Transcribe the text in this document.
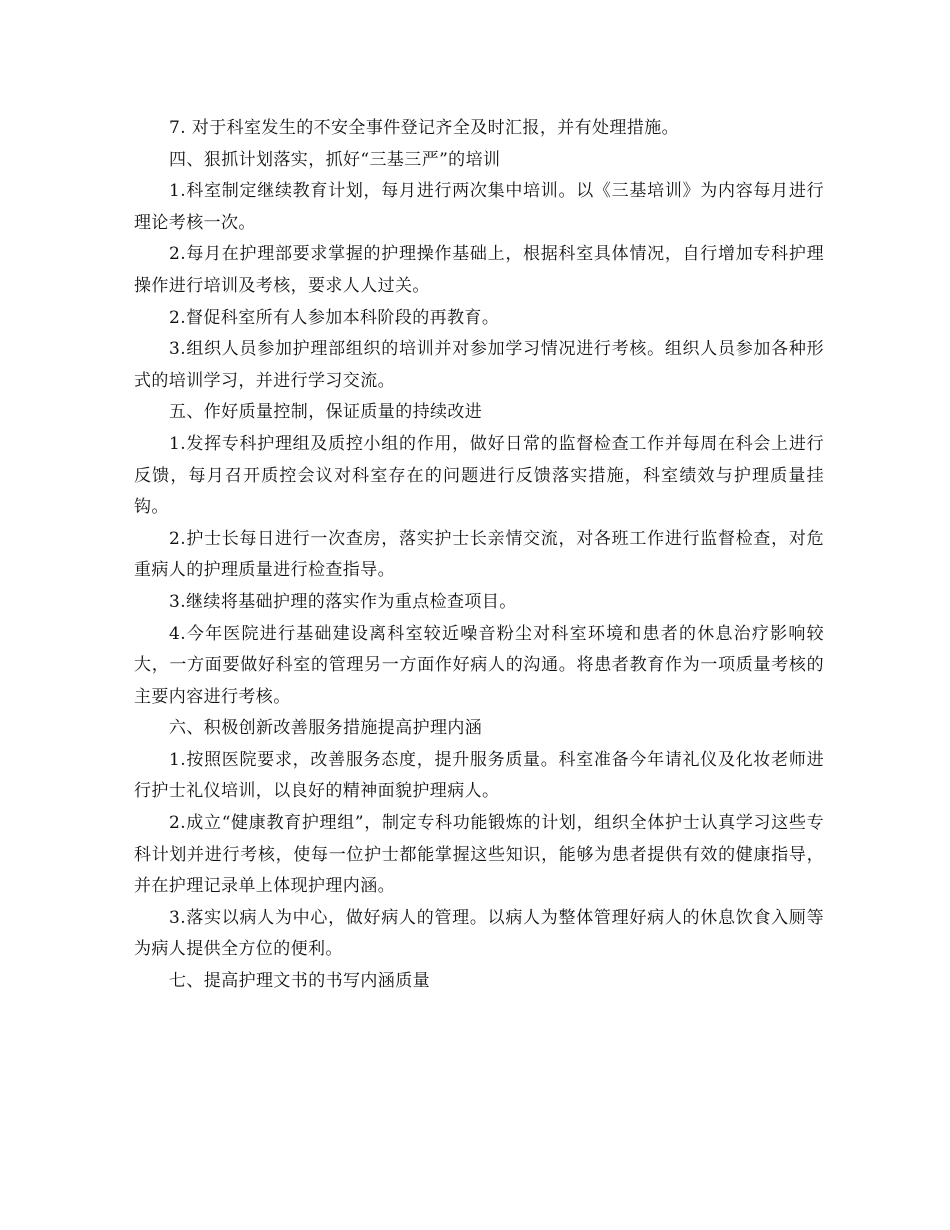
7. 对于科室发生的不安全事件登记齐全及时汇报，并有处理措施。

四、狠抓计划落实，抓好“三基三严”的培训

1.科室制定继续教育计划，每月进行两次集中培训。以《三基培训》为内容每月进行理论考核一次。

2.每月在护理部要求掌握的护理操作基础上，根据科室具体情况，自行增加专科护理操作进行培训及考核，要求人人过关。

2.督促科室所有人参加本科阶段的再教育。

3.组织人员参加护理部组织的培训并对参加学习情况进行考核。组织人员参加各种形式的培训学习，并进行学习交流。

五、作好质量控制，保证质量的持续改进

1.发挥专科护理组及质控小组的作用，做好日常的监督检查工作并每周在科会上进行反馈，每月召开质控会议对科室存在的问题进行反馈落实措施，科室绩效与护理质量挂钩。

2.护士长每日进行一次查房，落实护士长亲情交流，对各班工作进行监督检查，对危重病人的护理质量进行检查指导。

3.继续将基础护理的落实作为重点检查项目。

4.今年医院进行基础建设离科室较近噪音粉尘对科室环境和患者的休息治疗影响较大，一方面要做好科室的管理另一方面作好病人的沟通。将患者教育作为一项质量考核的主要内容进行考核。

六、积极创新改善服务措施提高护理内涵

1.按照医院要求，改善服务态度，提升服务质量。科室准备今年请礼仪及化妆老师进行护士礼仪培训，以良好的精神面貌护理病人。

2.成立“健康教育护理组”，制定专科功能锻炼的计划，组织全体护士认真学习这些专科计划并进行考核，使每一位护士都能掌握这些知识，能够为患者提供有效的健康指导，并在护理记录单上体现护理内涵。

3.落实以病人为中心，做好病人的管理。以病人为整体管理好病人的休息饮食入厕等为病人提供全方位的便利。

七、提高护理文书的书写内涵质量
